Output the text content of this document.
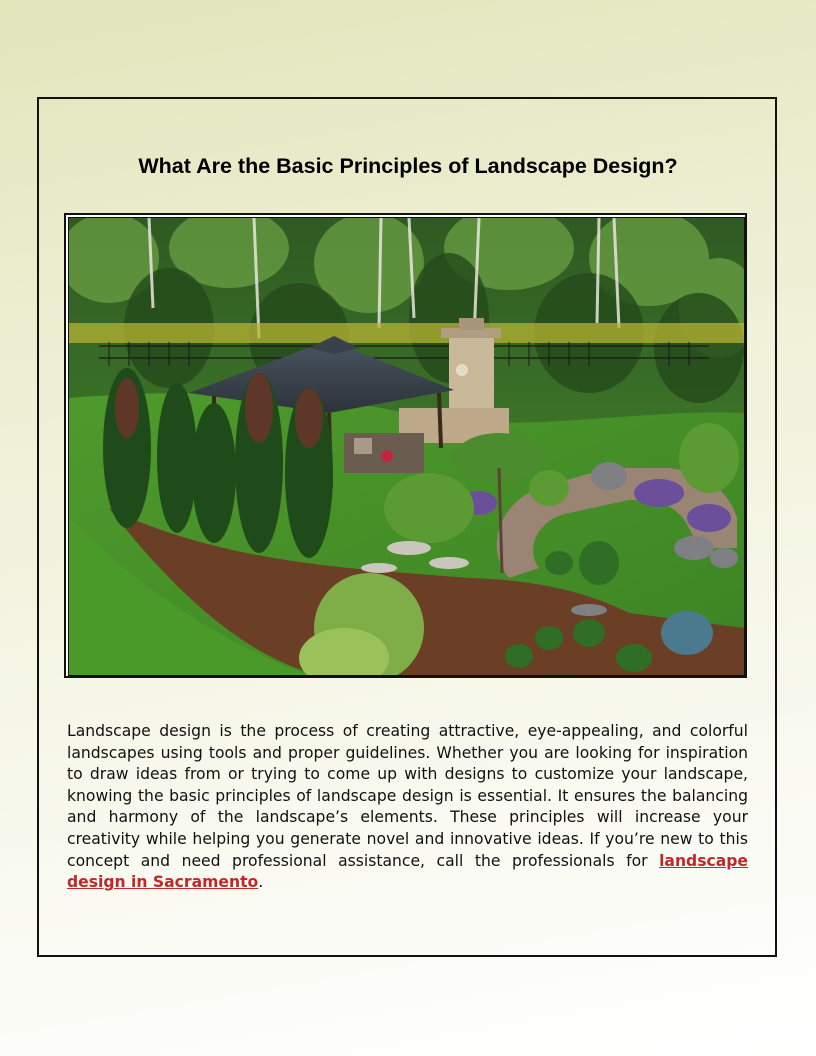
What Are the Basic Principles of Landscape Design?

Landscape design is the process of creating attractive, eye-appealing, and colorful landscapes using tools and proper guidelines. Whether you are looking for inspiration to draw ideas from or trying to come up with designs to customize your landscape, knowing the basic principles of landscape design is essential. It ensures the balancing and harmony of the landscape’s elements. These principles will increase your creativity while helping you generate novel and innovative ideas. If you’re new to this concept and need professional assistance, call the professionals for landscape design in Sacramento.
